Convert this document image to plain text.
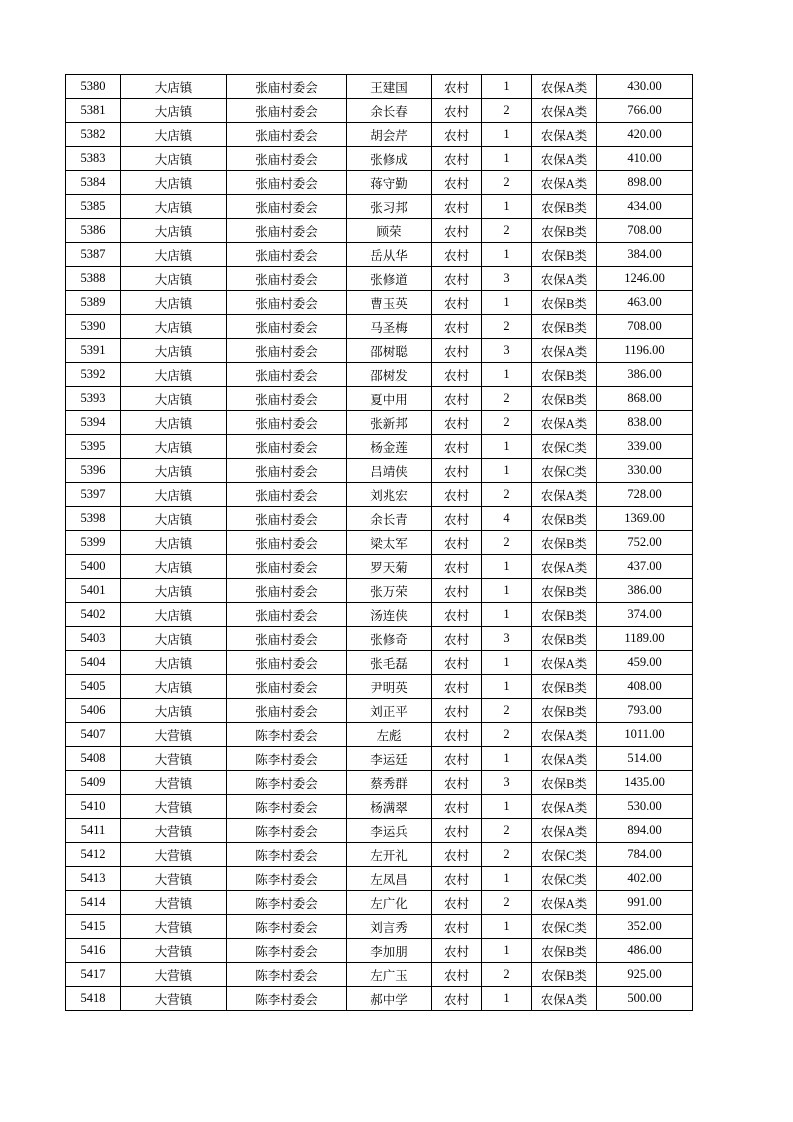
5380	大店镇	张庙村委会	王建国	农村	1	农保A类	430.00
5381	大店镇	张庙村委会	余长春	农村	2	农保A类	766.00
5382	大店镇	张庙村委会	胡会芹	农村	1	农保A类	420.00
5383	大店镇	张庙村委会	张修成	农村	1	农保A类	410.00
5384	大店镇	张庙村委会	蒋守勤	农村	2	农保A类	898.00
5385	大店镇	张庙村委会	张习邦	农村	1	农保B类	434.00
5386	大店镇	张庙村委会	顾荣	农村	2	农保B类	708.00
5387	大店镇	张庙村委会	岳从华	农村	1	农保B类	384.00
5388	大店镇	张庙村委会	张修道	农村	3	农保A类	1246.00
5389	大店镇	张庙村委会	曹玉英	农村	1	农保B类	463.00
5390	大店镇	张庙村委会	马圣梅	农村	2	农保B类	708.00
5391	大店镇	张庙村委会	邵树聪	农村	3	农保A类	1196.00
5392	大店镇	张庙村委会	邵树发	农村	1	农保B类	386.00
5393	大店镇	张庙村委会	夏中用	农村	2	农保B类	868.00
5394	大店镇	张庙村委会	张新邦	农村	2	农保A类	838.00
5395	大店镇	张庙村委会	杨金莲	农村	1	农保C类	339.00
5396	大店镇	张庙村委会	吕靖侠	农村	1	农保C类	330.00
5397	大店镇	张庙村委会	刘兆宏	农村	2	农保A类	728.00
5398	大店镇	张庙村委会	余长青	农村	4	农保B类	1369.00
5399	大店镇	张庙村委会	梁太军	农村	2	农保B类	752.00
5400	大店镇	张庙村委会	罗天菊	农村	1	农保A类	437.00
5401	大店镇	张庙村委会	张万荣	农村	1	农保B类	386.00
5402	大店镇	张庙村委会	汤连侠	农村	1	农保B类	374.00
5403	大店镇	张庙村委会	张修奇	农村	3	农保B类	1189.00
5404	大店镇	张庙村委会	张毛磊	农村	1	农保A类	459.00
5405	大店镇	张庙村委会	尹明英	农村	1	农保B类	408.00
5406	大店镇	张庙村委会	刘正平	农村	2	农保B类	793.00
5407	大营镇	陈李村委会	左彪	农村	2	农保A类	1011.00
5408	大营镇	陈李村委会	李运廷	农村	1	农保A类	514.00
5409	大营镇	陈李村委会	蔡秀群	农村	3	农保B类	1435.00
5410	大营镇	陈李村委会	杨满翠	农村	1	农保A类	530.00
5411	大营镇	陈李村委会	李运兵	农村	2	农保A类	894.00
5412	大营镇	陈李村委会	左开礼	农村	2	农保C类	784.00
5413	大营镇	陈李村委会	左凤昌	农村	1	农保C类	402.00
5414	大营镇	陈李村委会	左广化	农村	2	农保A类	991.00
5415	大营镇	陈李村委会	刘言秀	农村	1	农保C类	352.00
5416	大营镇	陈李村委会	李加朋	农村	1	农保B类	486.00
5417	大营镇	陈李村委会	左广玉	农村	2	农保B类	925.00
5418	大营镇	陈李村委会	郝中学	农村	1	农保A类	500.00
